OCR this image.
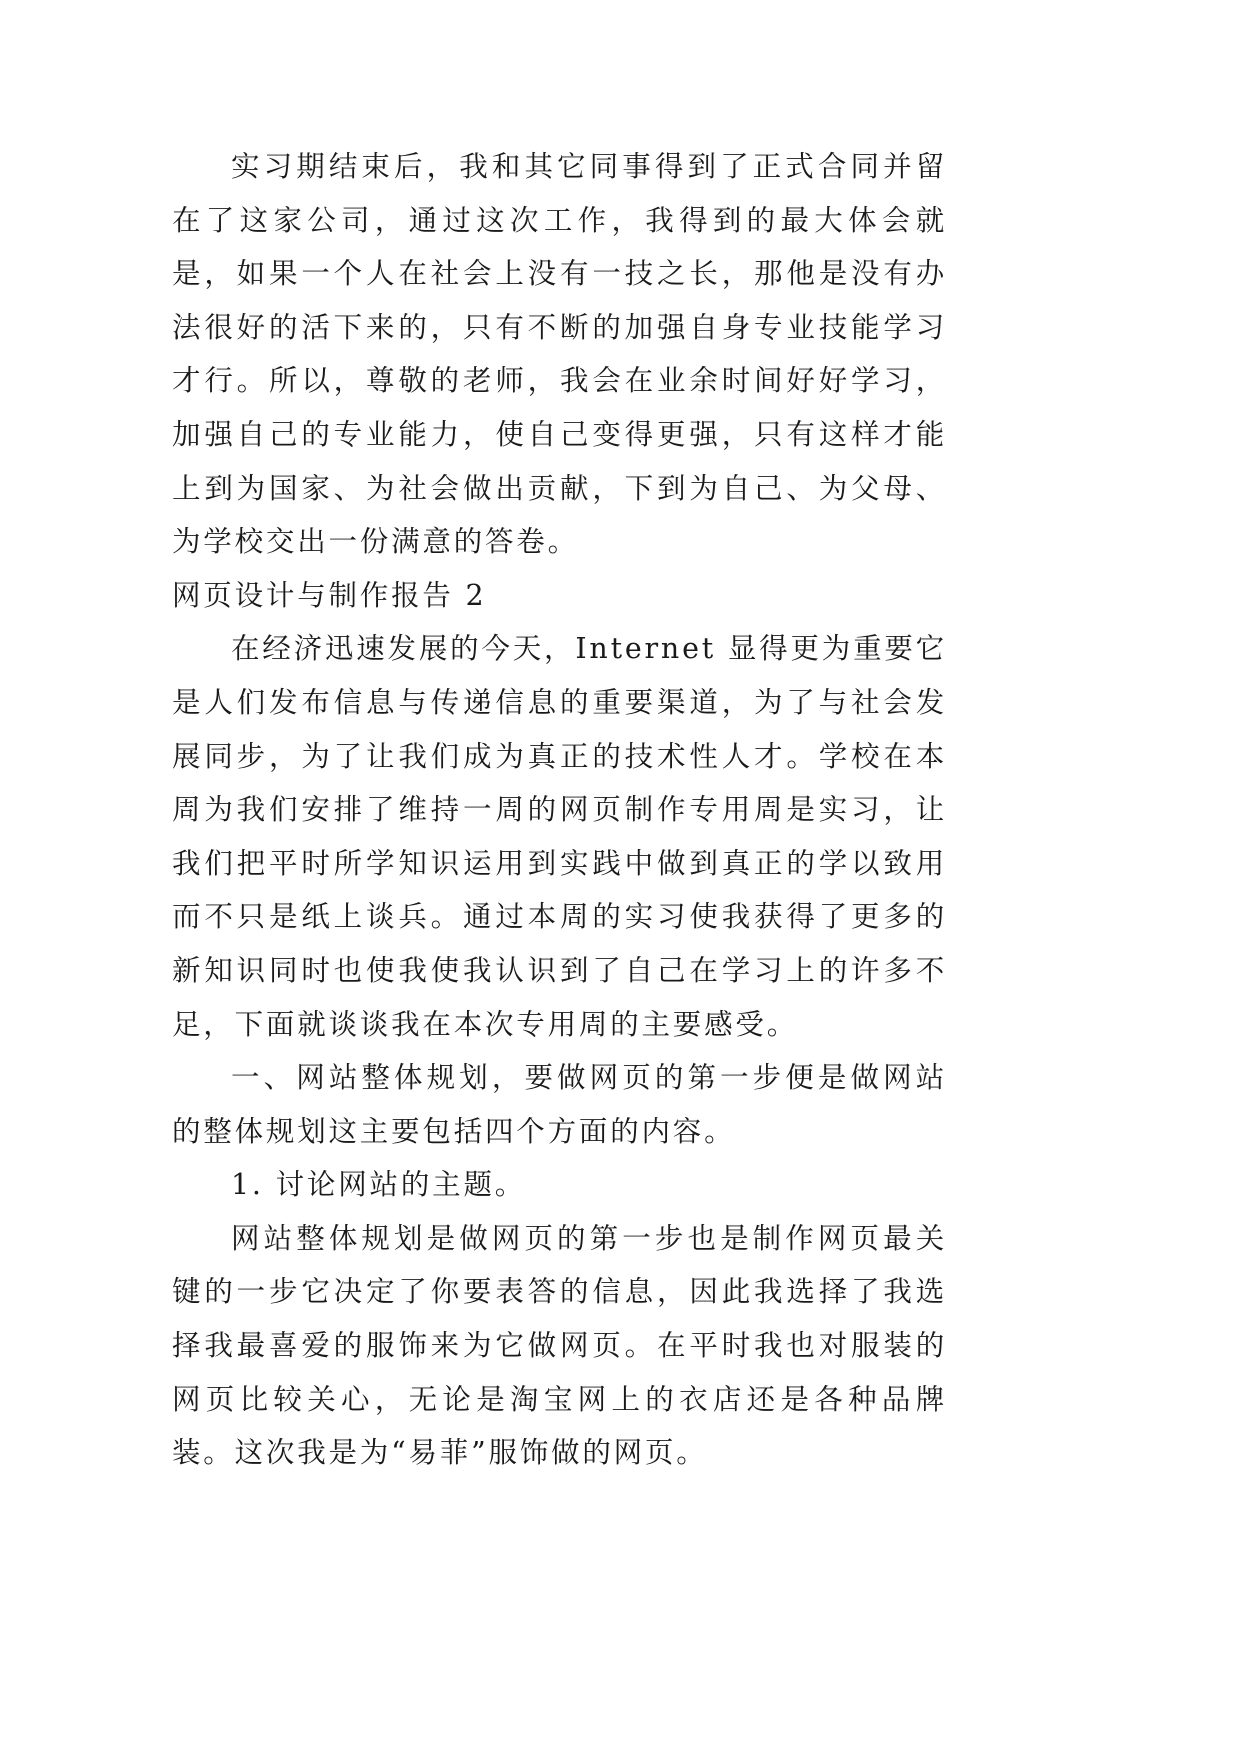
实习期结束后，我和其它同事得到了正式合同并留在了这家公司，通过这次工作，我得到的最大体会就是，如果一个人在社会上没有一技之长，那他是没有办法很好的活下来的，只有不断的加强自身专业技能学习才行。所以，尊敬的老师，我会在业余时间好好学习，加强自己的专业能力，使自己变得更强，只有这样才能上到为国家、为社会做出贡献，下到为自己、为父母、为学校交出一份满意的答卷。

网页设计与制作报告 2

在经济迅速发展的今天，Internet 显得更为重要它是人们发布信息与传递信息的重要渠道，为了与社会发展同步，为了让我们成为真正的技术性人才。学校在本周为我们安排了维持一周的网页制作专用周是实习，让我们把平时所学知识运用到实践中做到真正的学以致用而不只是纸上谈兵。通过本周的实习使我获得了更多的新知识同时也使我使我认识到了自己在学习上的许多不足，下面就谈谈我在本次专用周的主要感受。

一、网站整体规划，要做网页的第一步便是做网站的整体规划这主要包括四个方面的内容。

1. 讨论网站的主题。

网站整体规划是做网页的第一步也是制作网页最关键的一步它决定了你要表答的信息，因此我选择了我选择我最喜爱的服饰来为它做网页。在平时我也对服装的网页比较关心，无论是淘宝网上的衣店还是各种品牌装。这次我是为“易菲”服饰做的网页。
